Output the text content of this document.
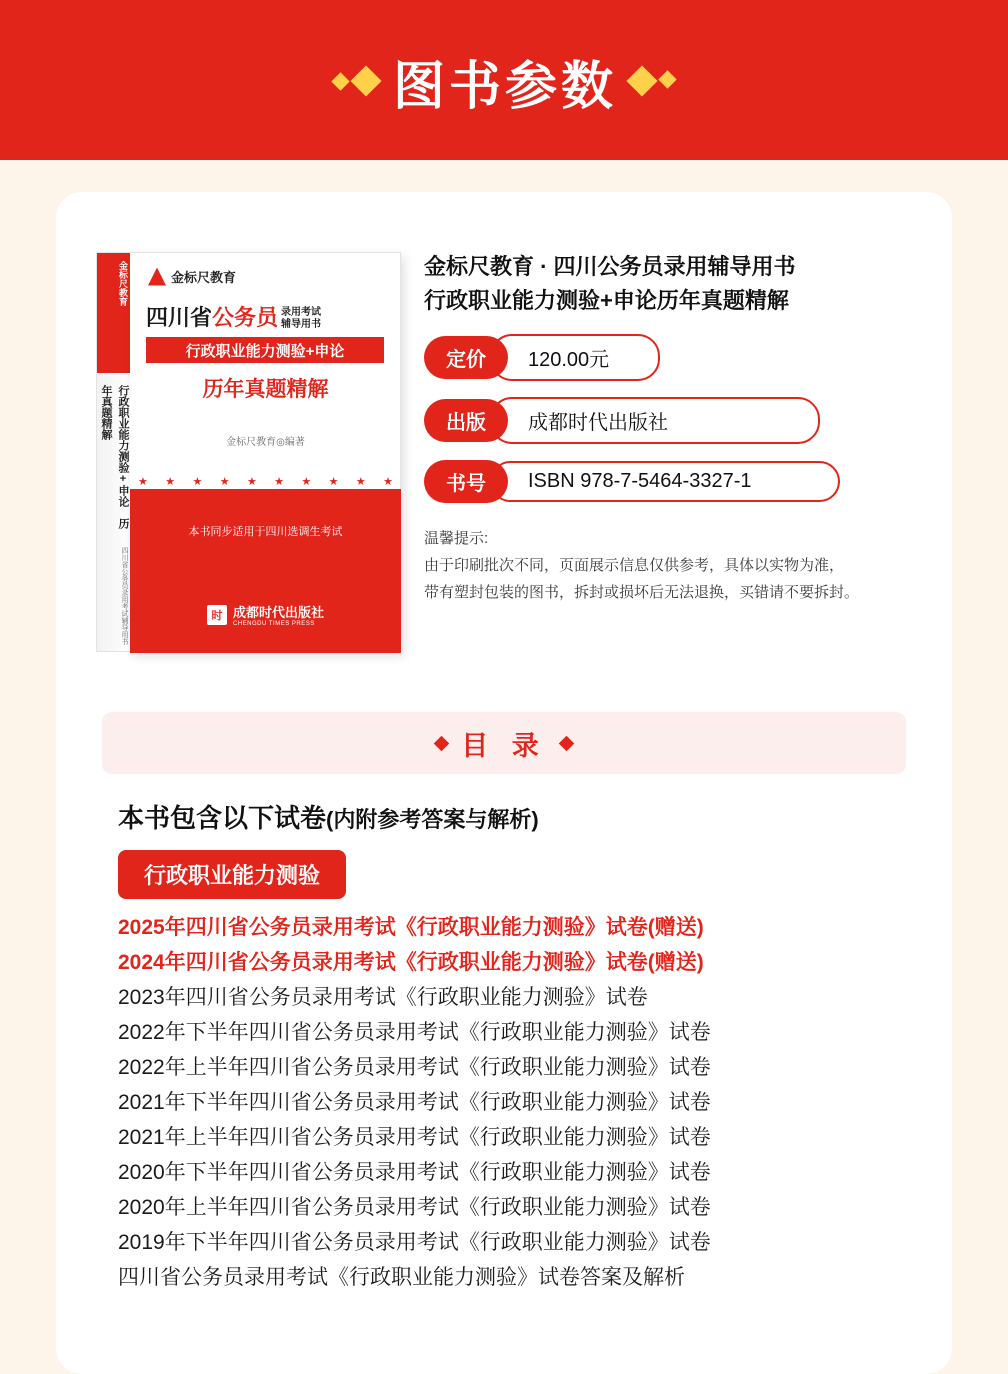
图书参数
金标尺教育
行政职业能力测验+申论　历年真题精解
四川省公务员录用考试辅导用书
金标尺教育
四川省公务员 录用考试
辅导用书
行政职业能力测验+申论
历年真题精解
金标尺教育◎编著
★ ★ ★ ★ ★ ★ ★ ★ ★ ★
本书同步适用于四川选调生考试
时 成都时代出版社
CHENGDU TIMES PRESS
金标尺教育 · 四川公务员录用辅导用书
行政职业能力测验+申论历年真题精解
定价	120.00元
出版	成都时代出版社
书号	ISBN 978-7-5464-3327-1
温馨提示:
由于印刷批次不同，页面展示信息仅供参考，具体以实物为准，
带有塑封包装的图书，拆封或损坏后无法退换，买错请不要拆封。
目 录
本书包含以下试卷(内附参考答案与解析)
行政职业能力测验
2025年四川省公务员录用考试《行政职业能力测验》试卷(赠送)
2024年四川省公务员录用考试《行政职业能力测验》试卷(赠送)
2023年四川省公务员录用考试《行政职业能力测验》试卷
2022年下半年四川省公务员录用考试《行政职业能力测验》试卷
2022年上半年四川省公务员录用考试《行政职业能力测验》试卷
2021年下半年四川省公务员录用考试《行政职业能力测验》试卷
2021年上半年四川省公务员录用考试《行政职业能力测验》试卷
2020年下半年四川省公务员录用考试《行政职业能力测验》试卷
2020年上半年四川省公务员录用考试《行政职业能力测验》试卷
2019年下半年四川省公务员录用考试《行政职业能力测验》试卷
四川省公务员录用考试《行政职业能力测验》试卷答案及解析
